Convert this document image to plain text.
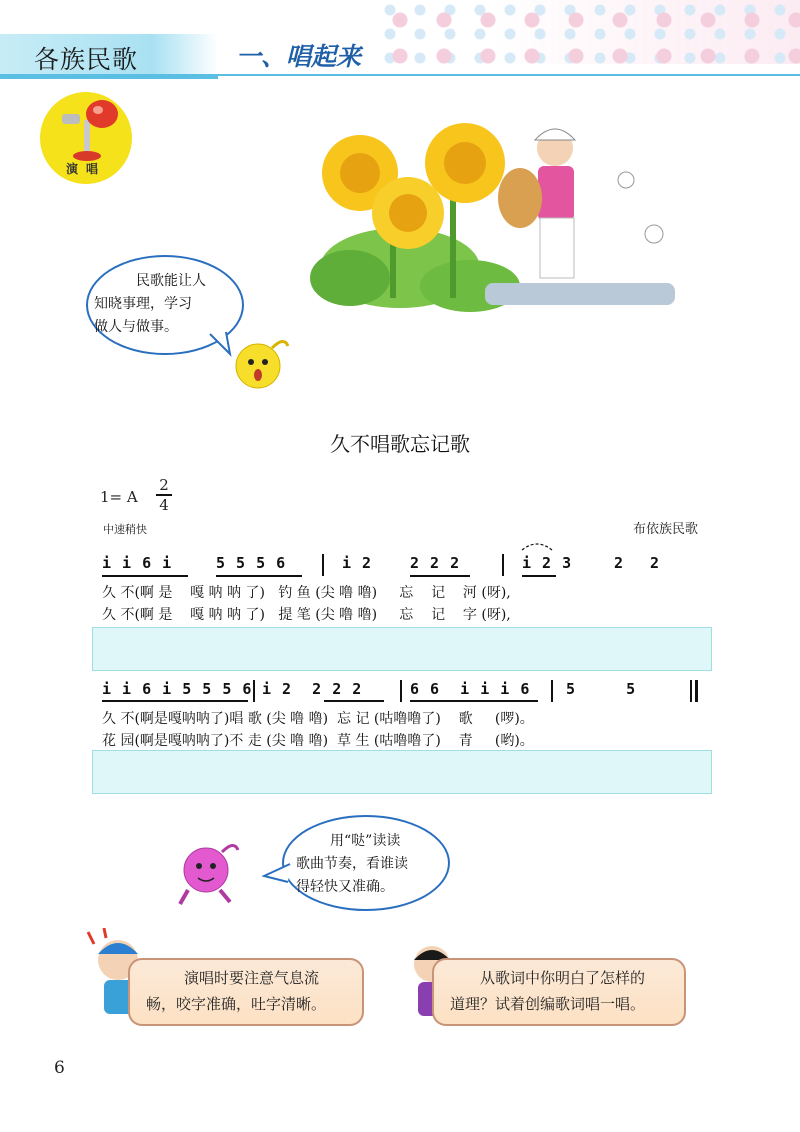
各族民歌	一、唱起来
演唱
民歌能让人
知晓事理，学习
做人与做事。
久不唱歌忘记歌
1= A
2
4
中速稍快	布依族民歌
i i 6 i	5 5 5 6	i 2	2 2 2	i 2 3	2 2
久 不(啊 是    嘎 呐 呐 了)   钓 鱼 (尖 噜 噜)     忘    记    河 (呀),
久 不(啊 是    嘎 呐 呐 了)   提 笔 (尖 噜 噜)     忘    记    字 (呀),
i i 6 i 5 5 5 6 i 2  2 2 2	6 6  i i i 6 5     5
久 不(啊是嘎呐呐了)唱 歌 (尖 噜 噜)  忘 记 (咕噜噜了)    歌     (啰)。
花 园(啊是嘎呐呐了)不 走 (尖 噜 噜)  草 生 (咕噜噜了)    青     (哟)。
用“哒”读读
歌曲节奏，看谁读
得轻快又准确。
演唱时要注意气息流
畅，咬字准确，吐字清晰。
从歌词中你明白了怎样的
道理？试着创编歌词唱一唱。
6
